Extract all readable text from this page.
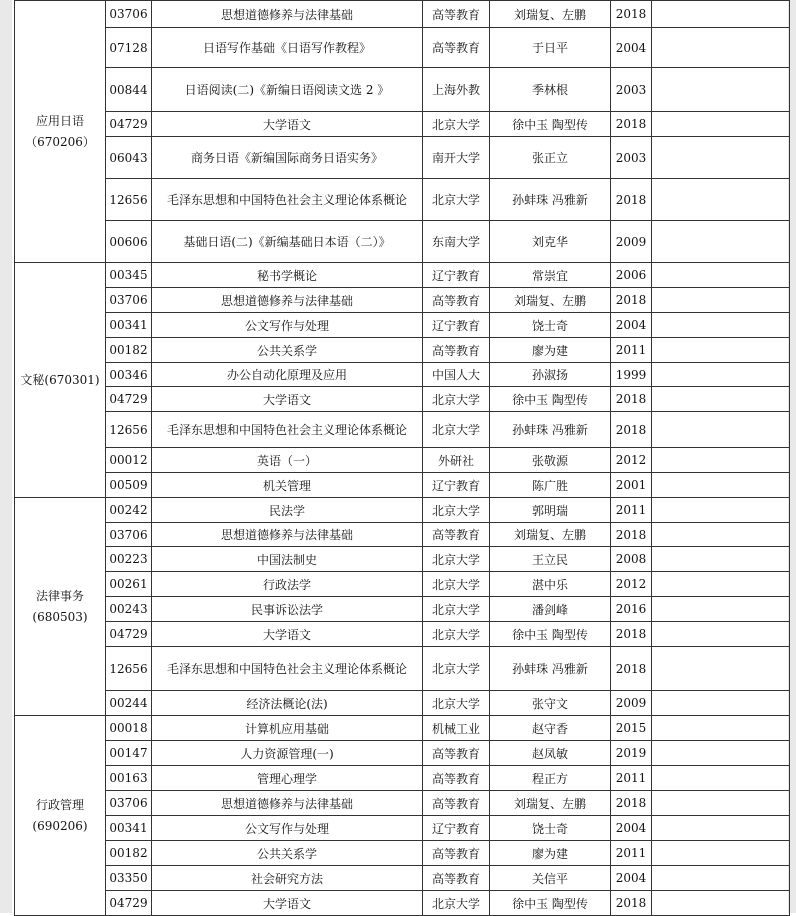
应用日语
（670206）	03706	思想道德修养与法律基础	高等教育	刘瑞复、左鹏	2018	
	07128	日语写作基础《日语写作教程》	高等教育	于日平	2004	
	00844	日语阅读(二)《新编日语阅读文选 2 》	上海外教	季林根	2003	
	04729	大学语文	北京大学	徐中玉 陶型传	2018	
	06043	商务日语《新编国际商务日语实务》	南开大学	张正立	2003	
	12656	毛泽东思想和中国特色社会主义理论体系概论	北京大学	孙蚌珠 冯雅新	2018	
	00606	基础日语(二)《新编基础日本语（二）》	东南大学	刘克华	2009	
文秘(670301)	00345	秘书学概论	辽宁教育	常崇宜	2006	
	03706	思想道德修养与法律基础	高等教育	刘瑞复、左鹏	2018	
	00341	公文写作与处理	辽宁教育	饶士奇	2004	
	00182	公共关系学	高等教育	廖为建	2011	
	00346	办公自动化原理及应用	中国人大	孙淑扬	1999	
	04729	大学语文	北京大学	徐中玉 陶型传	2018	
	12656	毛泽东思想和中国特色社会主义理论体系概论	北京大学	孙蚌珠 冯雅新	2018	
	00012	英语（一）	外研社	张敬源	2012	
	00509	机关管理	辽宁教育	陈广胜	2001	

法律事务
(680503)	00242	民法学	北京大学	郭明瑞	2011	
	03706	思想道德修养与法律基础	高等教育	刘瑞复、左鹏	2018	
	00223	中国法制史	北京大学	王立民	2008	
	00261	行政法学	北京大学	湛中乐	2012	
	00243	民事诉讼法学	北京大学	潘剑峰	2016	
	04729	大学语文	北京大学	徐中玉 陶型传	2018	
	12656	毛泽东思想和中国特色社会主义理论体系概论	北京大学	孙蚌珠 冯雅新	2018	
	00244	经济法概论(法)	北京大学	张守文	2009	

行政管理
(690206)	00018	计算机应用基础	机械工业	赵守香	2015	
	00147	人力资源管理(一)	高等教育	赵凤敏	2019	
	00163	管理心理学	高等教育	程正方	2011	
	03706	思想道德修养与法律基础	高等教育	刘瑞复、左鹏	2018	
	00341	公文写作与处理	辽宁教育	饶士奇	2004	
	00182	公共关系学	高等教育	廖为建	2011	
	03350	社会研究方法	高等教育	关信平	2004	
	04729	大学语文	北京大学	徐中玉 陶型传	2018	
